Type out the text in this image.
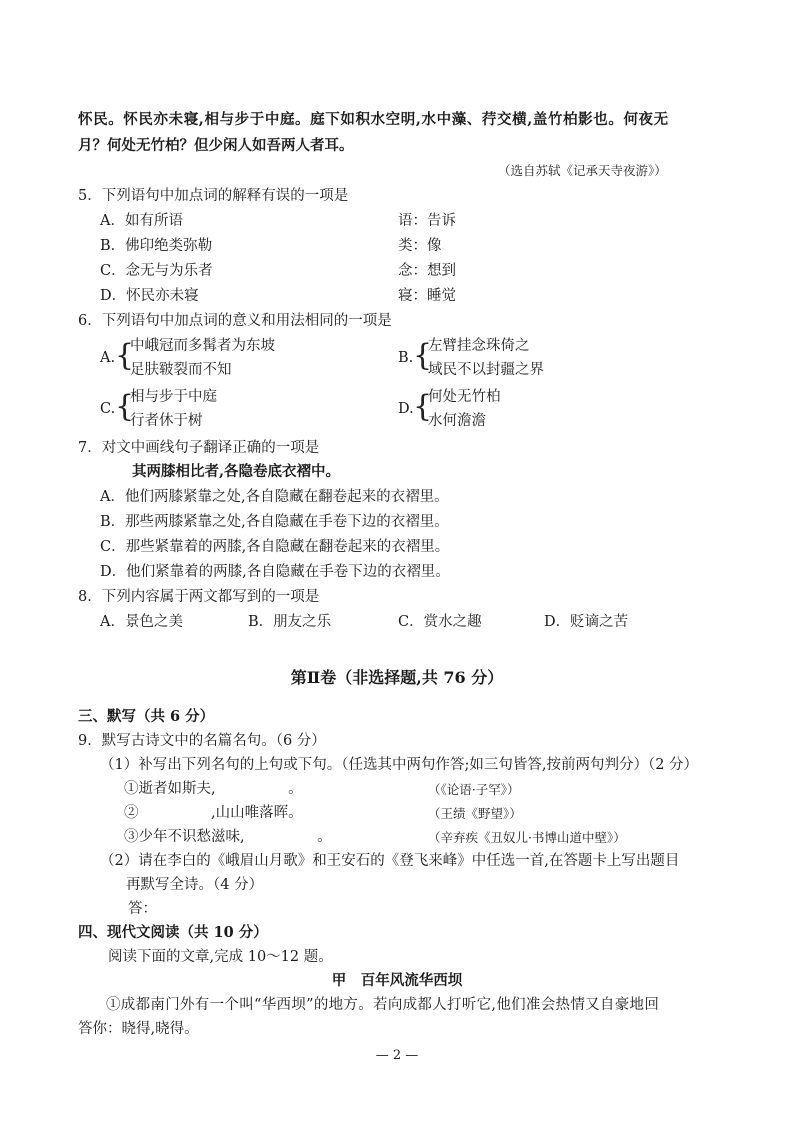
怀民。怀民亦未寝,相与步于中庭。庭下如积水空明,水中藻、荇交横,盖竹柏影也。何夜无
月？何处无竹柏？但少闲人如吾两人者耳。
（选自苏轼《记承天寺夜游》）
5．下列语句中加点词的解释有误的一项是
A．如有所语	语：告诉
B．佛印绝类弥勒	类：像
C．念无与为乐者	念：想到
D．怀民亦未寝	寝：睡觉
6．下列语句中加点词的意义和用法相同的一项是
A. {
中峨冠而多髯者为东坡
足肤皲裂而不知
B. {
左臂挂念珠倚之
域民不以封疆之界
C. {
相与步于中庭
行者休于树
D. {
何处无竹柏
水何澹澹
7．对文中画线句子翻译正确的一项是
其两膝相比者,各隐卷底衣褶中。
A．他们两膝紧靠之处,各自隐藏在翻卷起来的衣褶里。
B．那些两膝紧靠之处,各自隐藏在手卷下边的衣褶里。
C．那些紧靠着的两膝,各自隐藏在翻卷起来的衣褶里。
D．他们紧靠着的两膝,各自隐藏在手卷下边的衣褶里。
8．下列内容属于两文都写到的一项是
A．景色之美	B．朋友之乐	C．赏水之趣	D．贬谪之苦
第Ⅱ卷（非选择题,共 76 分）
三、默写（共 6 分）
9．默写古诗文中的名篇名句。（6 分）
（1）补写出下列名句的上句或下句。（任选其中两句作答;如三句皆答,按前两句判分）（2 分）
①逝者如斯夫,　　　　　。	（《论语·子罕》）
②　　　　　,山山唯落晖。	（王绩《野望》）
③少年不识愁滋味,　　　　　。	（辛弃疾《丑奴儿·书博山道中壁》）
（2）请在李白的《峨眉山月歌》和王安石的《登飞来峰》中任选一首,在答题卡上写出题目
再默写全诗。（4 分）
答：
四、现代文阅读（共 10 分）
阅读下面的文章,完成 10～12 题。
甲　百年风流华西坝
①成都南门外有一个叫“华西坝”的地方。若向成都人打听它,他们准会热情又自豪地回
答你：晓得,晓得。
— 2 —
